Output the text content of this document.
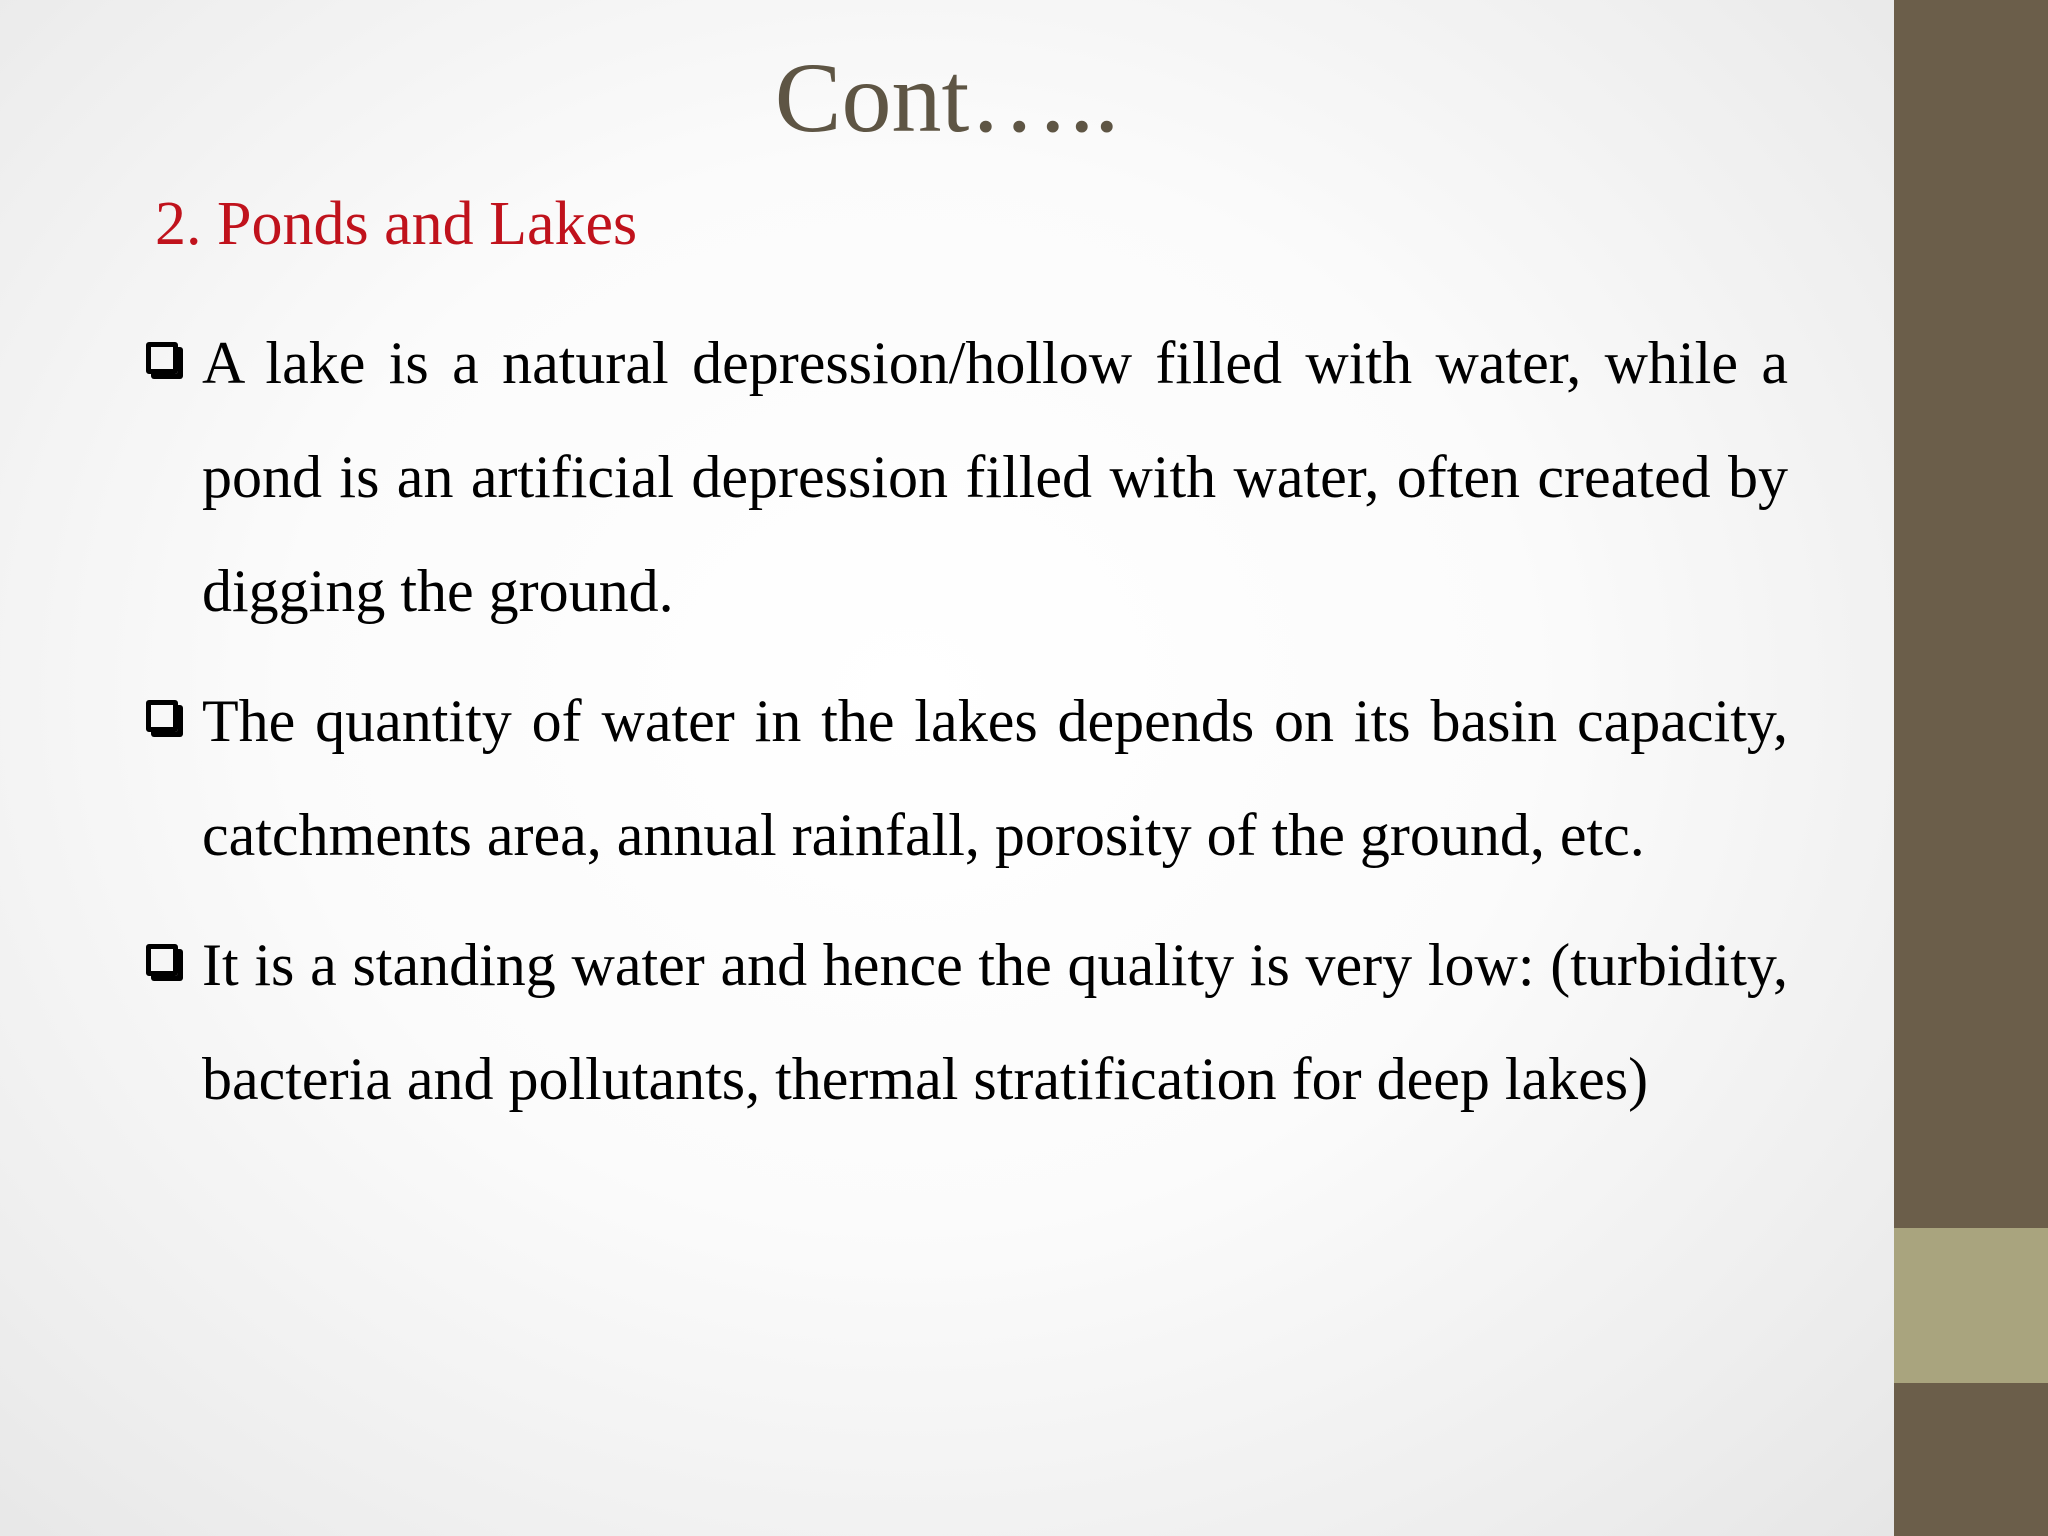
Cont…..
2. Ponds and Lakes
A lake is a natural depression/hollow filled with water, while a pond is an artificial depression filled with water, often created by digging the ground.
The quantity of water in the lakes depends on its basin capacity, catchments area, annual rainfall, porosity of the ground, etc.
It is a standing water and hence the quality is very low: (turbidity, bacteria and pollutants, thermal stratification for deep lakes)
